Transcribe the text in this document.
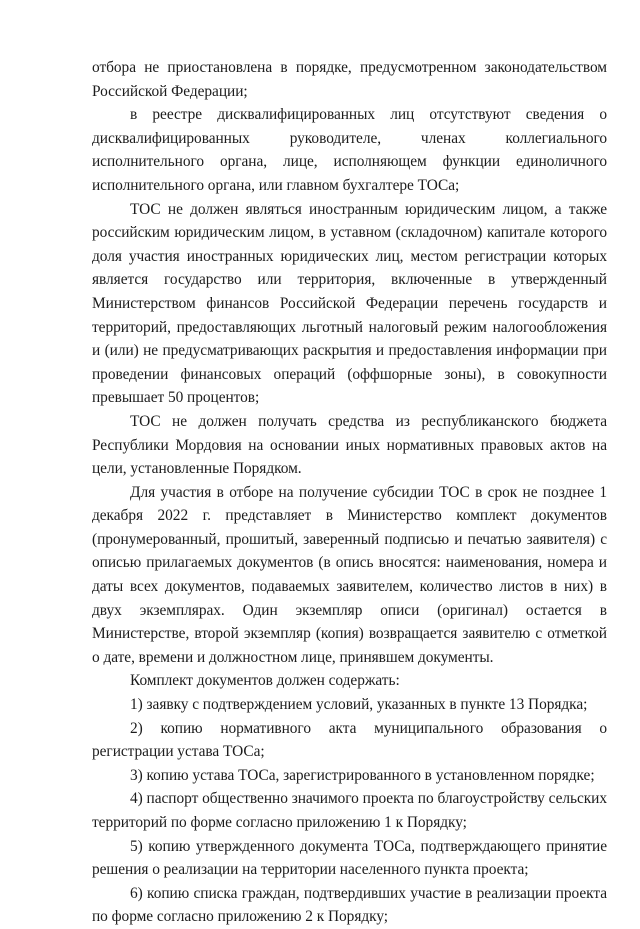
отбора не приостановлена в порядке, предусмотренном законодательством Российской Федерации;

в реестре дисквалифицированных лиц отсутствуют сведения о дисквалифицированных руководителе, членах коллегиального исполнительного органа, лице, исполняющем функции единоличного исполнительного органа, или главном бухгалтере ТОСа;

ТОС не должен являться иностранным юридическим лицом, а также российским юридическим лицом, в уставном (складочном) капитале которого доля участия иностранных юридических лиц, местом регистрации которых является государство или территория, включенные в утвержденный Министерством финансов Российской Федерации перечень государств и территорий, предоставляющих льготный налоговый режим налогообложения и (или) не предусматривающих раскрытия и предоставления информации при проведении финансовых операций (оффшорные зоны), в совокупности превышает 50 процентов;

ТОС не должен получать средства из республиканского бюджета Республики Мордовия на основании иных нормативных правовых актов на цели, установленные Порядком.

Для участия в отборе на получение субсидии ТОС в срок не позднее 1 декабря 2022 г. представляет в Министерство комплект документов (пронумерованный, прошитый, заверенный подписью и печатью заявителя) с описью прилагаемых документов (в опись вносятся: наименования, номера и даты всех документов, подаваемых заявителем, количество листов в них) в двух экземплярах. Один экземпляр описи (оригинал) остается в Министерстве, второй экземпляр (копия) возвращается заявителю с отметкой о дате, времени и должностном лице, принявшем документы.

Комплект документов должен содержать:

1) заявку с подтверждением условий, указанных в пункте 13 Порядка;

2) копию нормативного акта муниципального образования о регистрации устава ТОСа;

3) копию устава ТОСа, зарегистрированного в установленном порядке;

4) паспорт общественно значимого проекта по благоустройству сельских территорий по форме согласно приложению 1 к Порядку;

5) копию утвержденного документа ТОСа, подтверждающего принятие решения о реализации на территории населенного пункта проекта;

6) копию списка граждан, подтвердивших участие в реализации проекта по форме согласно приложению 2 к Порядку;
